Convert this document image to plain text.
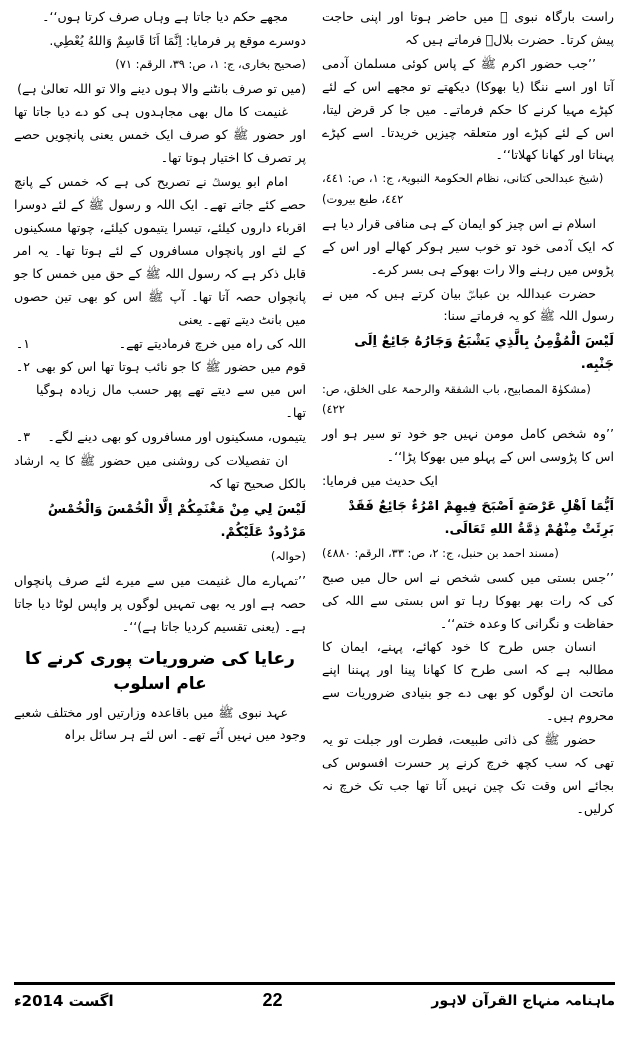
مجھے حکم دیا جاتا ہے وہاں صرف کرتا ہوں‘‘۔

دوسرے موقع پر فرمایا: اِنَّمَا اَنَا قَاسِمٌ وَاللهُ يُعْطِي.

(صحیح بخاری، ج: ١، ص: ٣٩، الرقم: ٧١)

(میں تو صرف بانٹنے والا ہوں دینے والا تو اللہ تعالیٰ ہے)

غنیمت کا مال بھی مجاہدوں ہی کو دے دیا جاتا تھا اور حضور ﷺ کو صرف ایک خمس یعنی پانچویں حصے پر تصرف کا اختیار ہوتا تھا۔

امام ابو یوسفؒ نے تصریح کی ہے کہ خمس کے پانچ حصے کئے جاتے تھے۔ ایک اللہ و رسول ﷺ کے لئے دوسرا اقرباء داروں کیلئے، تیسرا یتیموں کیلئے، چوتھا مسکینوں کے لئے اور پانچواں مسافروں کے لئے ہوتا تھا۔ یہ امر قابل ذکر ہے کہ رسول اللہ ﷺ کے حق میں خمس کا جو پانچواں حصہ آتا تھا۔ آپ ﷺ اس کو بھی تین حصوں میں بانٹ دیتے تھے۔ یعنی

١۔	اللہ کی راہ میں خرچ فرمادیتے تھے۔
٢۔ قوم میں حضور ﷺ کا جو نائب ہوتا تھا اس کو بھی اس میں سے دیتے تھے پھر حسب مال زیادہ ہوگیا تھا۔
٣۔	یتیموں، مسکینوں اور مسافروں کو بھی دینے لگے۔

ان تفصیلات کی روشنی میں حضور ﷺ کا یہ ارشاد بالکل صحیح تھا کہ

لَيْسَ لِي مِنْ مَغْنَمِكُمْ اِلَّا الْخُمْسَ وَالْخُمْسُ مَرْدُودٌ عَلَيْكُمْ.

(حوالہ)

’’تمہارے مال غنیمت میں سے میرے لئے صرف پانچواں حصہ ہے اور یہ بھی تمہیں لوگوں پر واپس لوٹا دیا جاتا ہے۔ (یعنی تقسیم کردیا جاتا ہے)‘‘۔

رعایا کی ضروریات پوری کرنے کا عام اسلوب

عہد نبوی ﷺ میں باقاعدہ وزارتیں اور مختلف شعبے وجود میں نہیں آئے تھے۔ اس لئے ہر سائل براہ

راست بارگاہ نبوی ﷺ میں حاضر ہوتا اور اپنی حاجت پیش کرتا۔ حضرت بلالؓ فرماتے ہیں کہ

’’جب حضور اکرم ﷺ کے پاس کوئی مسلمان آدمی آتا اور اسے ننگا (یا بھوکا) دیکھتے تو مجھے اس کے لئے کپڑے مہیا کرنے کا حکم فرماتے۔ میں جا کر قرض لیتا، اس کے لئے کپڑے اور متعلقہ چیزیں خریدتا۔ اسے کپڑے پہناتا اور کھانا کھلاتا‘‘۔

(شیخ عبدالحی کتانی، نظام الحکومۃ النبویۃ، ج: ١، ص: ٤٤١، ٤٤٢، طبع بیروت)

اسلام نے اس چیز کو ایمان کے ہی منافی قرار دیا ہے کہ ایک آدمی خود تو خوب سیر ہوکر کھالے اور اس کے پڑوس میں رہنے والا رات بھوکے ہی بسر کرے۔

حضرت عبداللہ بن عباسؓ بیان کرتے ہیں کہ میں نے رسول اللہ ﷺ کو یہ فرماتے سنا:

لَيْسَ الْمُؤْمِنُ بِالَّذِي يَشْبَعُ وَجَارُهُ جَائِعٌ اِلَى جَنْبِه.

(مشکوٰۃ المصابیح، باب الشفقۃ والرحمۃ علی الخلق، ص: ٤٢٢)

’’وہ شخص کامل مومن نہیں جو خود تو سیر ہو اور اس کا پڑوسی اس کے پہلو میں بھوکا پڑا‘‘۔

ایک حدیث میں فرمایا:

اَيُّمَا اَهْلِ عَرْصَةٍ اَصْبَحَ فِيهِمْ امْرُءٌ جَائِعٌ فَقَدْ بَرِئَتْ مِنْهُمْ ذِمَّةُ اللهِ تَعَالَى.

(مسند احمد بن حنبل، ج: ٢، ص: ٣٣، الرقم: ٤٨٨٠)

’’جس بستی میں کسی شخص نے اس حال میں صبح کی کہ رات بھر بھوکا رہا تو اس بستی سے اللہ کی حفاظت و نگرانی کا وعدہ ختم‘‘۔

انسان جس طرح کا خود کھائے، پہنے، ایمان کا مطالبہ ہے کہ اسی طرح کا کھانا پینا اور پہننا اپنے ماتحت ان لوگوں کو بھی دے جو بنیادی ضروریات سے محروم ہیں۔

حضور ﷺ کی ذاتی طبیعت، فطرت اور جبلت تو یہ تھی کہ سب کچھ خرچ کرنے پر حسرت افسوس کی بجائے اس وقت تک چین نہیں آتا تھا جب تک خرچ نہ کرلیں۔

اگست 2014ء	22	ماہنامہ منہاج القرآن لاہور
